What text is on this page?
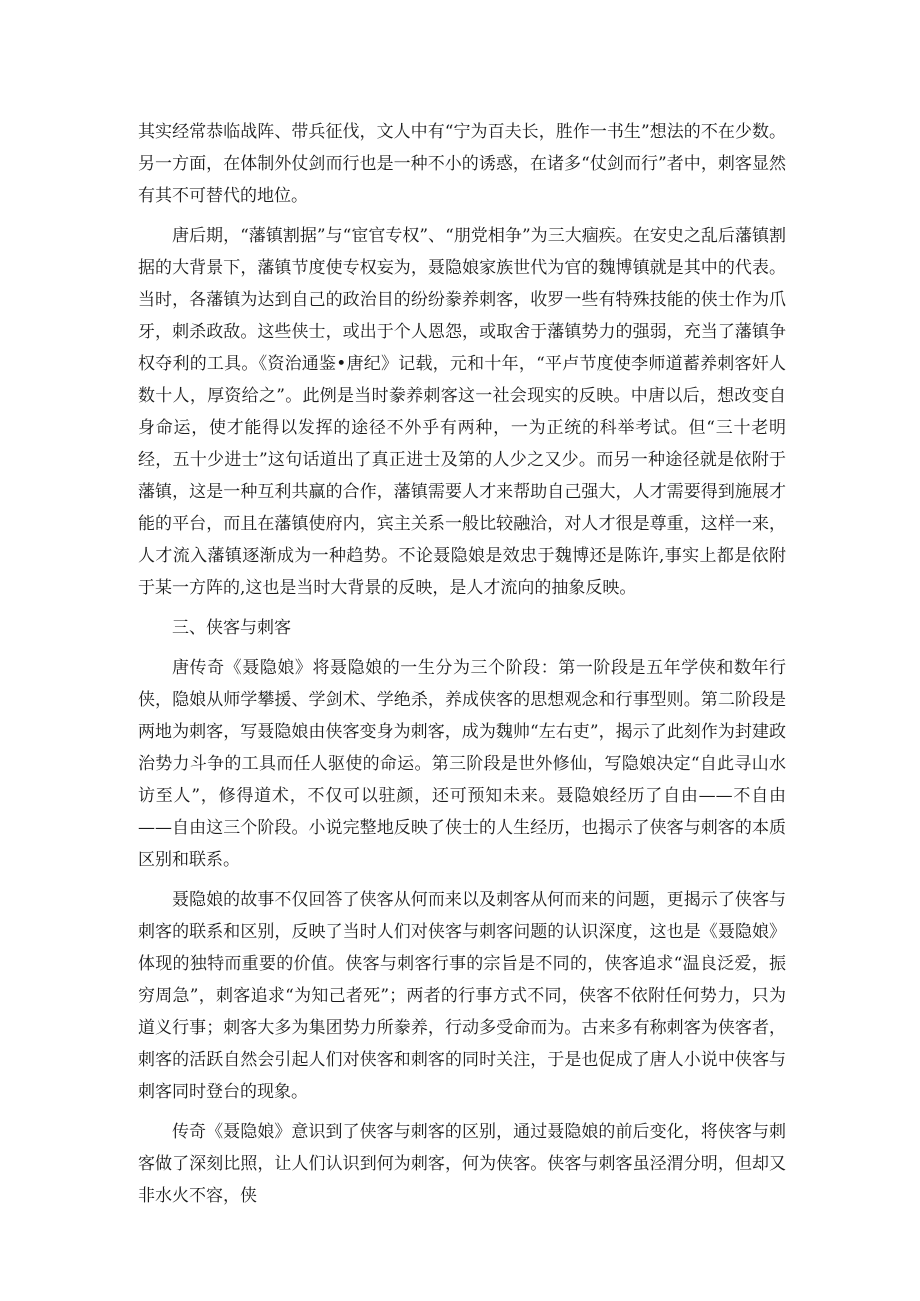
其实经常恭临战阵、带兵征伐，文人中有“宁为百夫长，胜作一书生”想法的不在少数。另一方面，在体制外仗剑而行也是一种不小的诱惑，在诸多“仗剑而行”者中，刺客显然有其不可替代的地位。

唐后期，“藩镇割据”与“宦官专权”、“朋党相争”为三大痼疾。在安史之乱后藩镇割据的大背景下，藩镇节度使专权妄为，聂隐娘家族世代为官的魏博镇就是其中的代表。当时，各藩镇为达到自己的政治目的纷纷豢养刺客，收罗一些有特殊技能的侠士作为爪牙，刺杀政敌。这些侠士，或出于个人恩怨，或取舍于藩镇势力的强弱，充当了藩镇争权夺利的工具。《资治通鉴•唐纪》记载，元和十年，“平卢节度使李师道蓄养刺客奸人数十人，厚资给之”。此例是当时豢养刺客这一社会现实的反映。中唐以后，想改变自身命运，使才能得以发挥的途径不外乎有两种，一为正统的科举考试。但“三十老明经，五十少进士”这句话道出了真正进士及第的人少之又少。而另一种途径就是依附于藩镇，这是一种互利共赢的合作，藩镇需要人才来帮助自己强大，人才需要得到施展才能的平台，而且在藩镇使府内，宾主关系一般比较融洽，对人才很是尊重，这样一来，人才流入藩镇逐渐成为一种趋势。不论聂隐娘是效忠于魏博还是陈许,事实上都是依附于某一方阵的,这也是当时大背景的反映，是人才流向的抽象反映。

三、侠客与刺客

唐传奇《聂隐娘》将聂隐娘的一生分为三个阶段：第一阶段是五年学侠和数年行侠，隐娘从师学攀援、学剑术、学绝杀，养成侠客的思想观念和行事型则。第二阶段是两地为刺客，写聂隐娘由侠客变身为刺客，成为魏帅“左右吏”，揭示了此刻作为封建政治势力斗争的工具而任人驱使的命运。第三阶段是世外修仙，写隐娘决定“自此寻山水访至人”，修得道术，不仅可以驻颜，还可预知未来。聂隐娘经历了自由——不自由——自由这三个阶段。小说完整地反映了侠士的人生经历，也揭示了侠客与刺客的本质区别和联系。

聂隐娘的故事不仅回答了侠客从何而来以及刺客从何而来的问题，更揭示了侠客与刺客的联系和区别，反映了当时人们对侠客与刺客问题的认识深度，这也是《聂隐娘》体现的独特而重要的价值。侠客与刺客行事的宗旨是不同的，侠客追求“温良泛爱，振穷周急”，刺客追求“为知己者死”；两者的行事方式不同，侠客不依附任何势力，只为道义行事；刺客大多为集团势力所豢养，行动多受命而为。古来多有称刺客为侠客者，刺客的活跃自然会引起人们对侠客和刺客的同时关注，于是也促成了唐人小说中侠客与刺客同时登台的现象。

传奇《聂隐娘》意识到了侠客与刺客的区别，通过聂隐娘的前后变化，将侠客与刺客做了深刻比照，让人们认识到何为刺客，何为侠客。侠客与刺客虽泾渭分明，但却又非水火不容，侠
